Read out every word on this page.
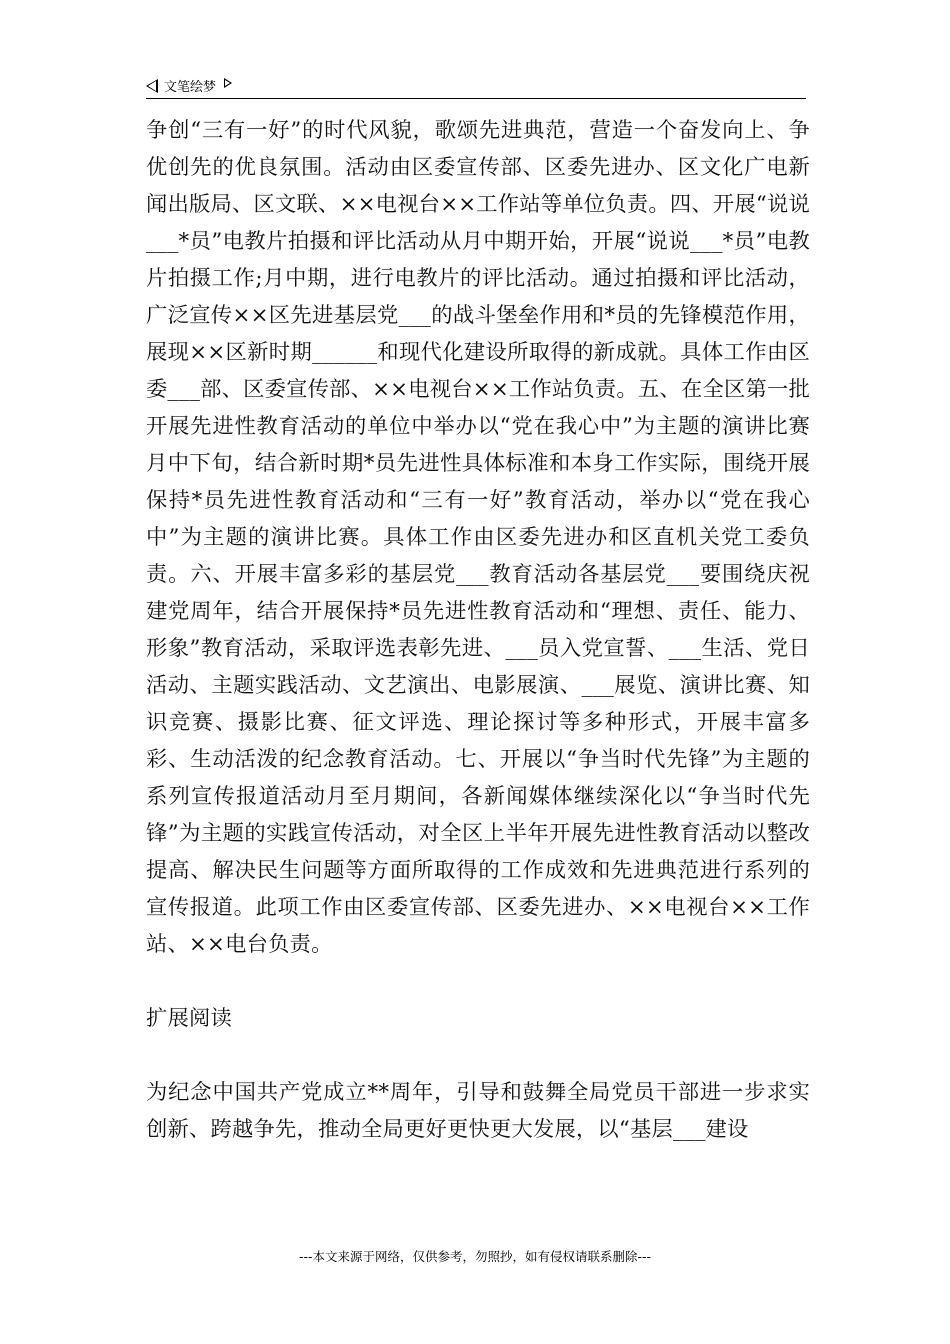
文笔绘梦

争创“三有一好”的时代风貌，歌颂先进典范，营造一个奋发向上、争优创先的优良氛围。活动由区委宣传部、区委先进办、区文化广电新闻出版局、区文联、××电视台××工作站等单位负责。四、开展“说说___*员”电教片拍摄和评比活动从月中期开始，开展“说说___*员”电教片拍摄工作;月中期，进行电教片的评比活动。通过拍摄和评比活动，广泛宣传××区先进基层党___的战斗堡垒作用和*员的先锋模范作用，展现××区新时期______和现代化建设所取得的新成就。具体工作由区委___部、区委宣传部、××电视台××工作站负责。五、在全区第一批开展先进性教育活动的单位中举办以“党在我心中”为主题的演讲比赛月中下旬，结合新时期*员先进性具体标准和本身工作实际，围绕开展保持*员先进性教育活动和“三有一好”教育活动，举办以“党在我心中”为主题的演讲比赛。具体工作由区委先进办和区直机关党工委负责。六、开展丰富多彩的基层党___教育活动各基层党___要围绕庆祝建党周年，结合开展保持*员先进性教育活动和“理想、责任、能力、形象”教育活动，采取评选表彰先进、___员入党宣誓、___生活、党日活动、主题实践活动、文艺演出、电影展演、___展览、演讲比赛、知识竞赛、摄影比赛、征文评选、理论探讨等多种形式，开展丰富多彩、生动活泼的纪念教育活动。七、开展以“争当时代先锋”为主题的系列宣传报道活动月至月期间，各新闻媒体继续深化以“争当时代先锋”为主题的实践宣传活动，对全区上半年开展先进性教育活动以整改提高、解决民生问题等方面所取得的工作成效和先进典范进行系列的宣传报道。此项工作由区委宣传部、区委先进办、××电视台××工作站、××电台负责。

扩展阅读

为纪念中国共产党成立**周年，引导和鼓舞全局党员干部进一步求实创新、跨越争先，推动全局更好更快更大发展，以“基层___建设

---本文来源于网络，仅供参考，勿照抄，如有侵权请联系删除---
